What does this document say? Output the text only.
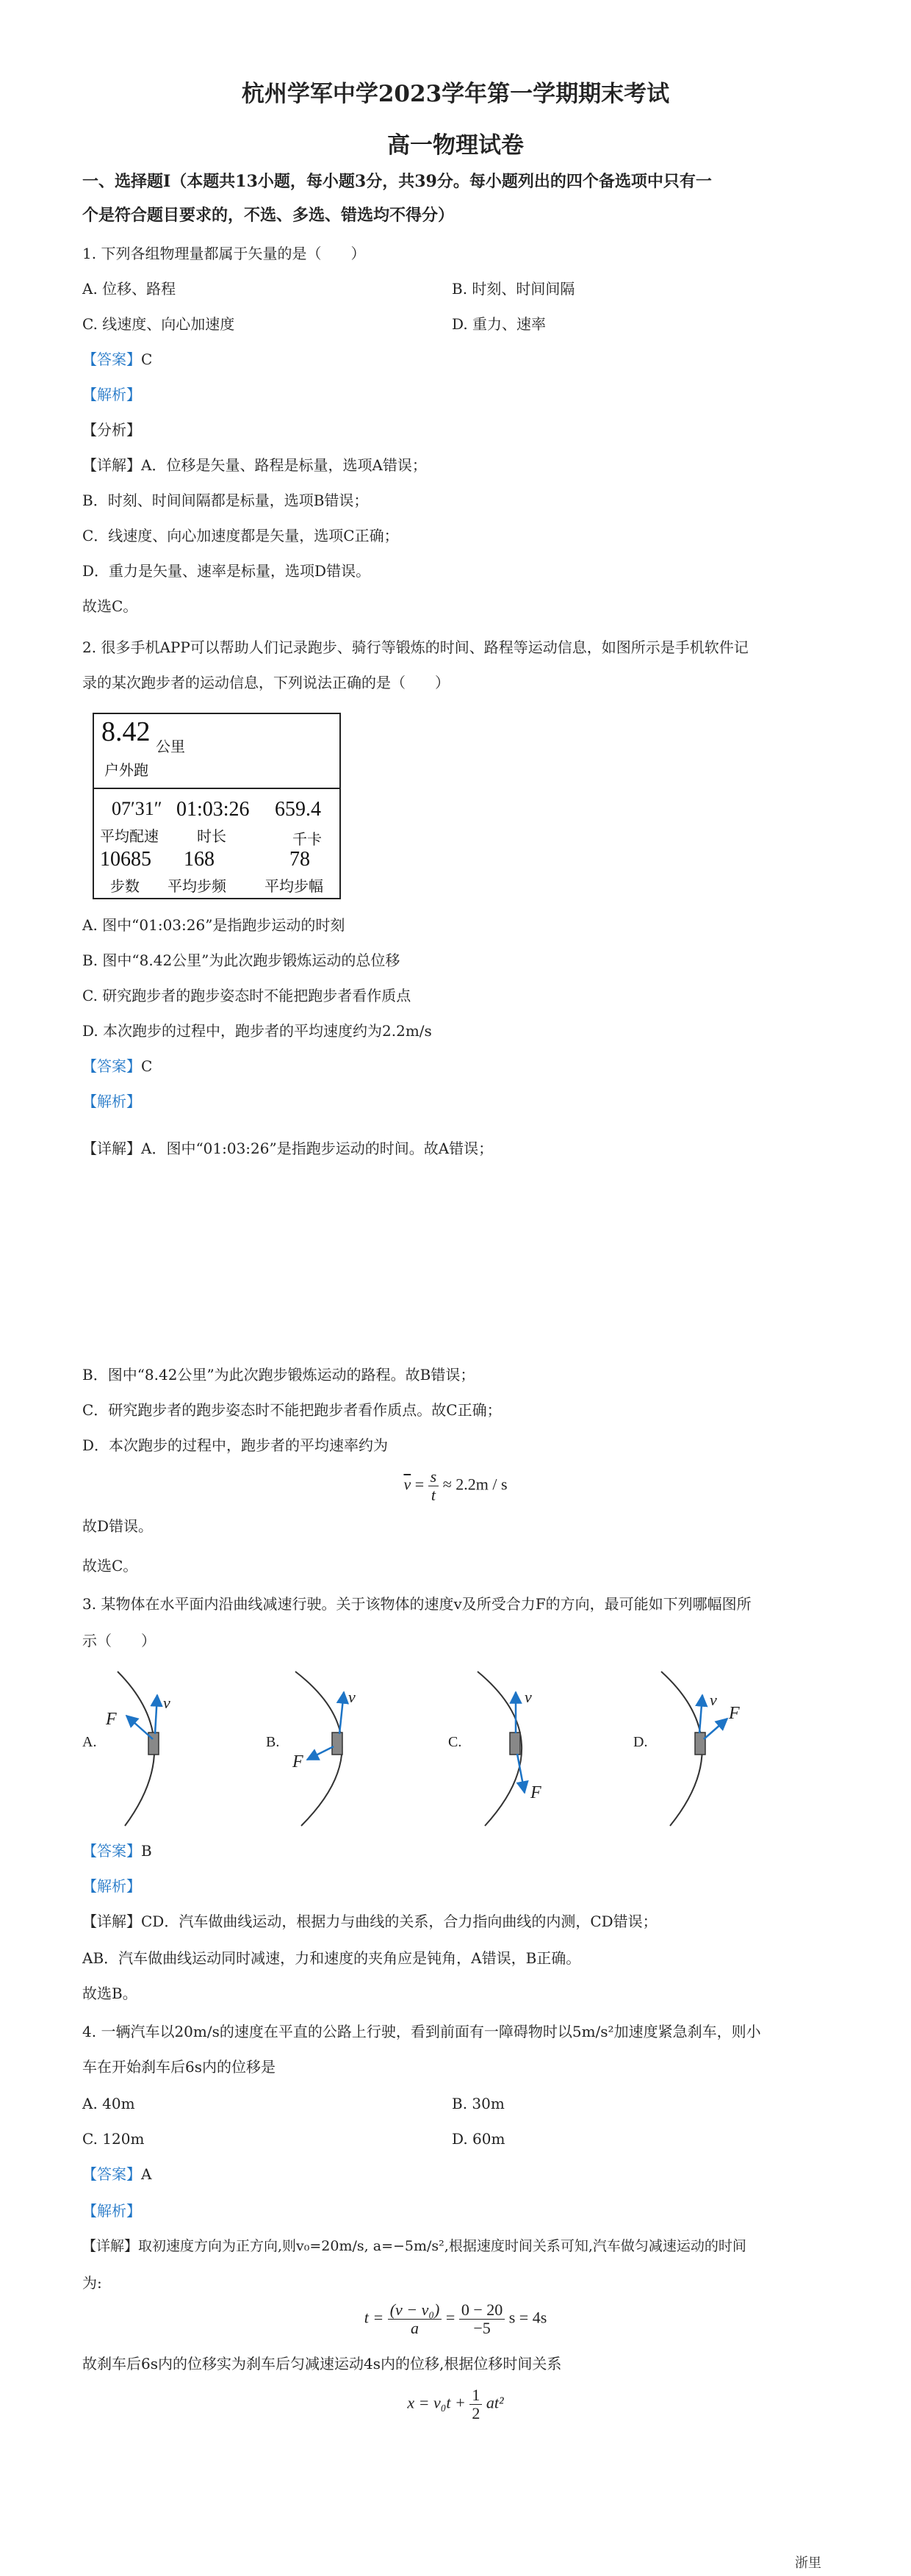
杭州学军中学2023学年第一学期期末考试
高一物理试卷
一、选择题Ⅰ（本题共13小题，每小题3分，共39分。每小题列出的四个备选项中只有一
个是符合题目要求的，不选、多选、错选均不得分）
1. 下列各组物理量都属于矢量的是（　　）
A. 位移、路程	B. 时刻、时间间隔
C. 线速度、向心加速度	D. 重力、速率
【答案】C
【解析】
【分析】
【详解】A．位移是矢量、路程是标量，选项A错误；
B．时刻、时间间隔都是标量，选项B错误；
C．线速度、向心加速度都是矢量，选项C正确；
D．重力是矢量、速率是标量，选项D错误。
故选C。
2. 很多手机APP可以帮助人们记录跑步、骑行等锻炼的时间、路程等运动信息，如图所示是手机软件记
录的某次跑步者的运动信息，下列说法正确的是（　　）
8.42 公里
户外跑
07′31″ 01:03:26 659.4
平均配速	时长	千卡
10685 168	78
步数 平均步频	平均步幅
A. 图中“01:03:26”是指跑步运动的时刻
B. 图中“8.42公里”为此次跑步锻炼运动的总位移
C. 研究跑步者的跑步姿态时不能把跑步者看作质点
D. 本次跑步的过程中，跑步者的平均速度约为2.2m/s
【答案】C
【解析】
【详解】A．图中“01:03:26”是指跑步运动的时间。故A错误；
B．图中“8.42公里”为此次跑步锻炼运动的路程。故B错误；
C．研究跑步者的跑步姿态时不能把跑步者看作质点。故C正确；
D．本次跑步的过程中，跑步者的平均速率约为
$\overline{v} = \frac{s}{t} \approx 2.2m / s$
故D错误。
故选C。
3. 某物体在水平面内沿曲线减速行驶。关于该物体的速度v及所受合力F的方向，最可能如下列哪幅图所
示（　　）
A.
v
F
B.
v
F
C.
v
F
D.
v
F
【答案】B
【解析】
【详解】CD．汽车做曲线运动，根据力与曲线的关系，合力指向曲线的内测，CD错误；
AB．汽车做曲线运动同时减速，力和速度的夹角应是钝角，A错误，B正确。
故选B。
4. 一辆汽车以20m/s的速度在平直的公路上行驶，看到前面有一障碍物时以5m/s²加速度紧急刹车，则小
车在开始刹车后6s内的位移是
A. 40m	B. 30m
C. 120m	D. 60m
【答案】A
【解析】
【详解】取初速度方向为正方向,则v₀=20m/s, a=−5m/s²,根据速度时间关系可知,汽车做匀减速运动的时间
为:
$t = \frac{\text{(v − v₀)}}{a} = \frac{0 - 20}{-5}$ s = 4s
故刹车后6s内的位移实为刹车后匀减速运动4s内的位移,根据位移时间关系
$x = v_0t + \frac{1}{2} at^2$
浙里
